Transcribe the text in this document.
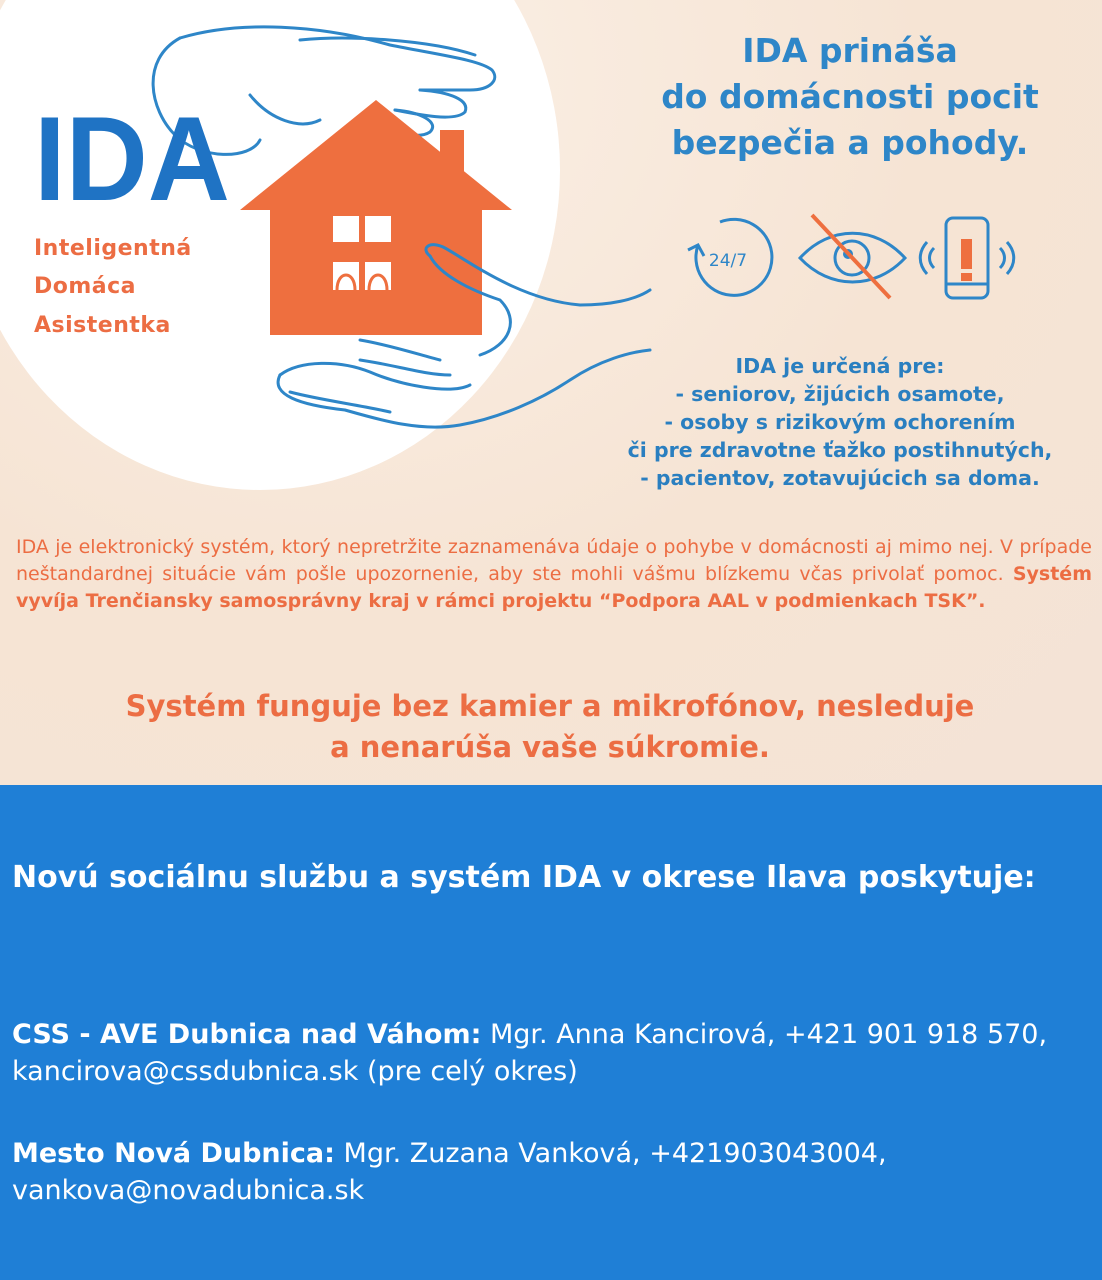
IDA
Inteligentná
Domáca
Asistentka
IDA prináša
do domácnosti pocit
bezpečia a pohody.
24/7
IDA je určená pre:
- seniorov, žijúcich osamote,
- osoby s rizikovým ochorením
či pre zdravotne ťažko postihnutých,
- pacientov, zotavujúcich sa doma.
IDA je elektronický systém, ktorý nepretržite zaznamenáva údaje o pohybe v domácnosti aj mimo nej. V prípade neštandardnej situácie vám pošle upozornenie, aby ste mohli vášmu blízkemu včas privolať pomoc. Systém vyvíja Trenčiansky samosprávny kraj v rámci projektu “Podpora AAL v podmienkach TSK”.
Systém funguje bez kamier a mikrofónov, nesleduje
a nenarúša vaše súkromie.
Novú sociálnu službu a systém IDA v okrese Ilava poskytuje:
CSS - AVE Dubnica nad Váhom: Mgr. Anna Kancirová, +421 901 918 570, kancirova@cssdubnica.sk (pre celý okres)
Mesto Nová Dubnica: Mgr. Zuzana Vanková, +421903043004, vankova@novadubnica.sk
